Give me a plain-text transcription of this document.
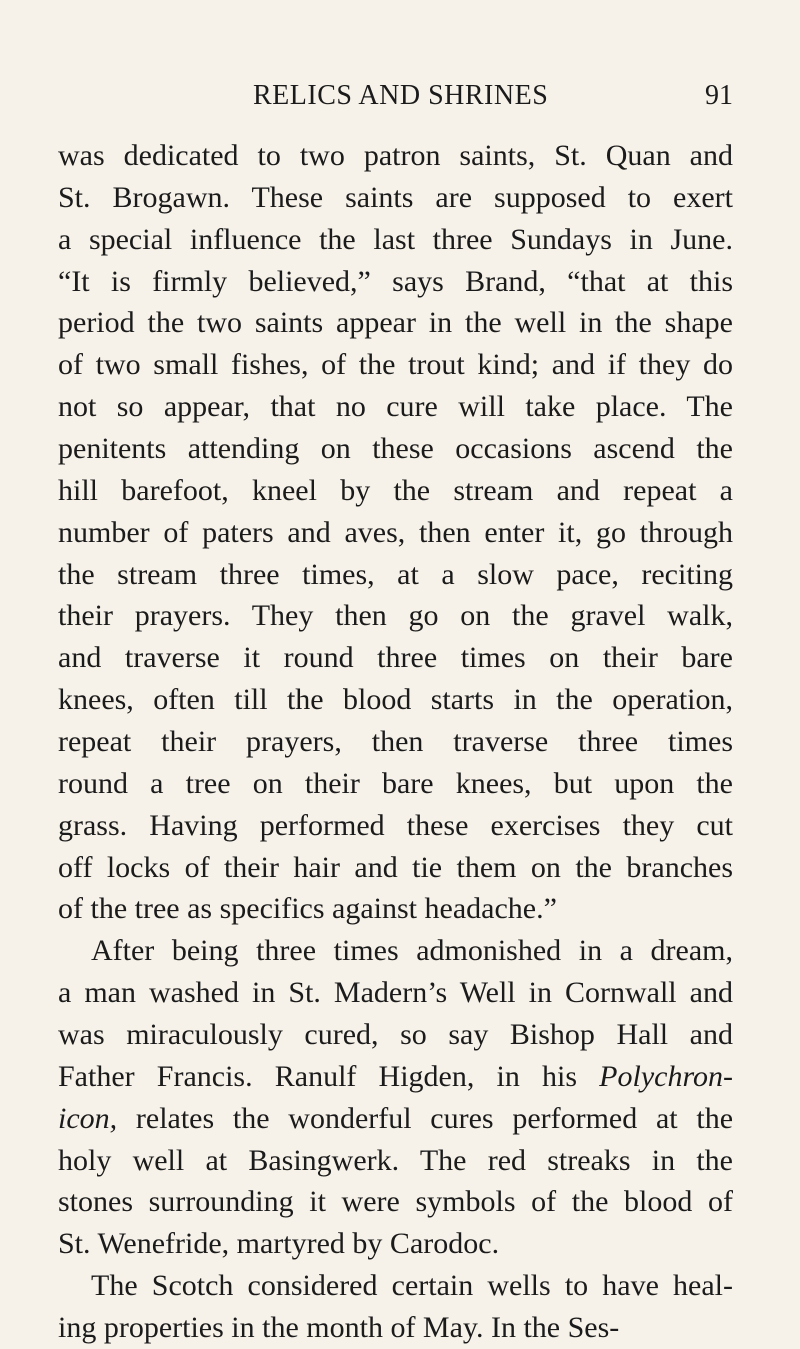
RELICS AND SHRINES	91
was dedicated to two patron saints, St. Quan and
St. Brogawn. These saints are supposed to exert
a special influence the last three Sundays in June.
“It is firmly believed,” says Brand, “that at this
period the two saints appear in the well in the shape
of two small fishes, of the trout kind; and if they do
not so appear, that no cure will take place. The
penitents attending on these occasions ascend the
hill barefoot, kneel by the stream and repeat a
number of paters and aves, then enter it, go through
the stream three times, at a slow pace, reciting
their prayers. They then go on the gravel walk,
and traverse it round three times on their bare
knees, often till the blood starts in the operation,
repeat their prayers, then traverse three times
round a tree on their bare knees, but upon the
grass. Having performed these exercises they cut
off locks of their hair and tie them on the branches
of the tree as specifics against headache.”
After being three times admonished in a dream,
a man washed in St. Madern’s Well in Cornwall and
was miraculously cured, so say Bishop Hall and
Father Francis. Ranulf Higden, in his Polychron-
icon, relates the wonderful cures performed at the
holy well at Basingwerk. The red streaks in the
stones surrounding it were symbols of the blood of
St. Wenefride, martyred by Carodoc.
The Scotch considered certain wells to have heal-
ing properties in the month of May. In the Ses-
